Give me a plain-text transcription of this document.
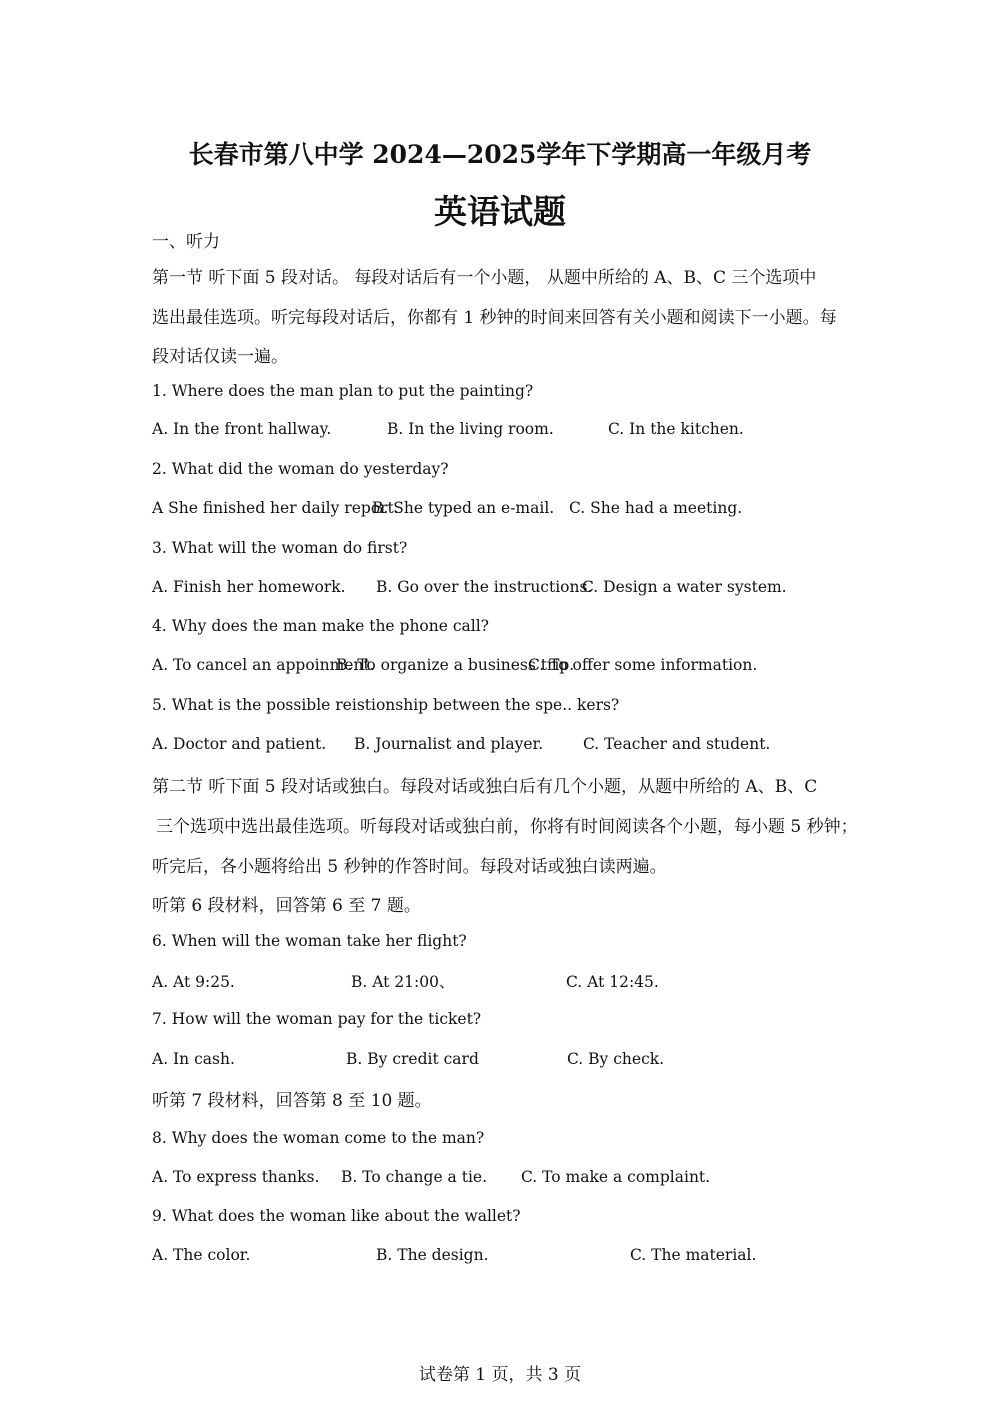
长春市第八中学 2024—2025学年下学期高一年级月考
英语试题
一、听力
第一节 听下面 5 段对话。 每段对话后有一个小题， 从题中所给的 A、B、C 三个选项中
选出最佳选项。听完每段对话后，你都有 1 秒钟的时间来回答有关小题和阅读下一小题。每
段对话仅读一遍。
1. Where does the man plan to put the painting?
A. In the front hallway.	B. In the living room.	C. In the kitchen.
2. What did the woman do yesterday?
A She finished her daily report.
B. She typed an e-mail. C. She had a meeting.
3. What will the woman do first?
A. Finish her homework. B. Go over the instructions.
C. Design a water system.
4. Why does the man make the phone call?
A. To cancel an appoinment.
B. To organize a business trip.
C. To offer some information.
5. What is the possible reistionship between the spe.. kers?
A. Doctor and patient. B. Journalist and player.	C. Teacher and student.
第二节 听下面 5 段对话或独白。每段对话或独白后有几个小题，从题中所给的 A、B、C
三个选项中选出最佳选项。听每段对话或独白前，你将有时间阅读各个小题，每小题 5 秒钟；
听完后，各小题将给出 5 秒钟的作答时间。每段对话或独白读两遍。
听第 6 段材料，回答第 6 至 7 题。
6. When will the woman take her flight?
A. At 9:25.	B. At 21:00、	C. At 12:45.
7. How will the woman pay for the ticket?
A. In cash.	B. By credit card	C. By check.
听第 7 段材料，回答第 8 至 10 题。
8. Why does the woman come to the man?
A. To express thanks. B. To change a tie. C. To make a complaint.
9. What does the woman like about the wallet?
A. The color.	B. The design.	C. The material.
试卷第 1 页，共 3 页
